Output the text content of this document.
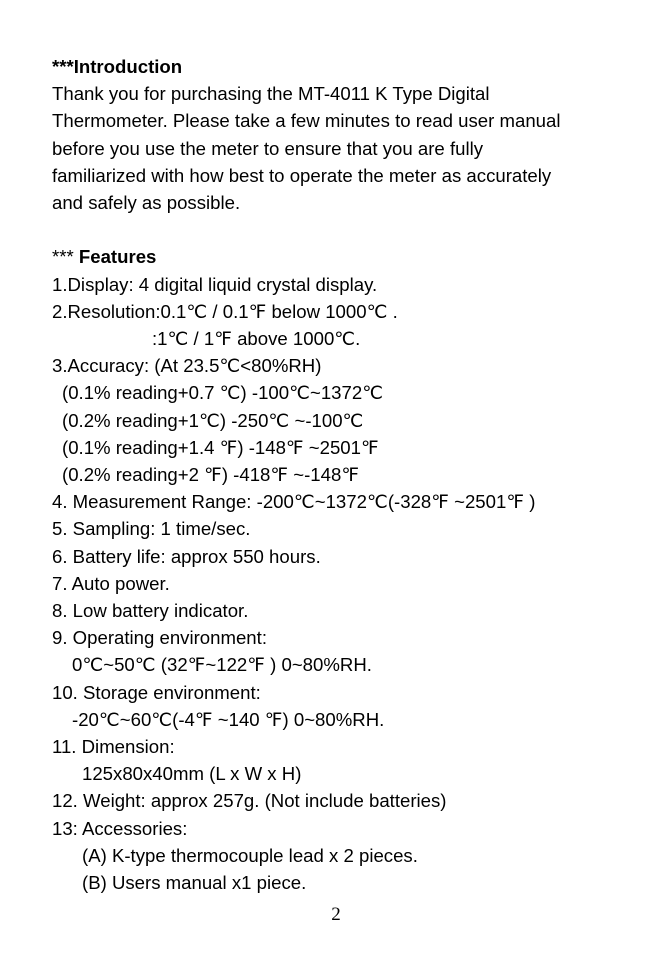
***Introduction
Thank you for purchasing the MT-4011 K Type Digital
Thermometer. Please take a few minutes to read user manual
before you use the meter to ensure that you are fully
familiarized with how best to operate the meter as accurately
and safely as possible.
*** Features
1.Display: 4 digital liquid crystal display.
2.Resolution:0.1℃ / 0.1℉ below 1000℃ .
:1℃ / 1℉ above 1000℃.
3.Accuracy: (At 23.5℃<80%RH)
(0.1% reading+0.7 ℃) -100℃~1372℃
(0.2% reading+1℃) -250℃ ~-100℃
(0.1% reading+1.4 ℉) -148℉ ~2501℉
(0.2% reading+2 ℉) -418℉ ~-148℉
4. Measurement Range: -200℃~1372℃(-328℉ ~2501℉ )
5. Sampling: 1 time/sec.
6. Battery life: approx 550 hours.
7. Auto power.
8. Low battery indicator.
9. Operating environment:
0℃~50℃ (32℉~122℉ ) 0~80%RH.
10. Storage environment:
-20℃~60℃(-4℉ ~140 ℉) 0~80%RH.
11. Dimension:
125x80x40mm (L x W x H)
12. Weight: approx 257g. (Not include batteries)
13: Accessories:
(A) K-type thermocouple lead x 2 pieces.
(B) Users manual x1 piece.
2
